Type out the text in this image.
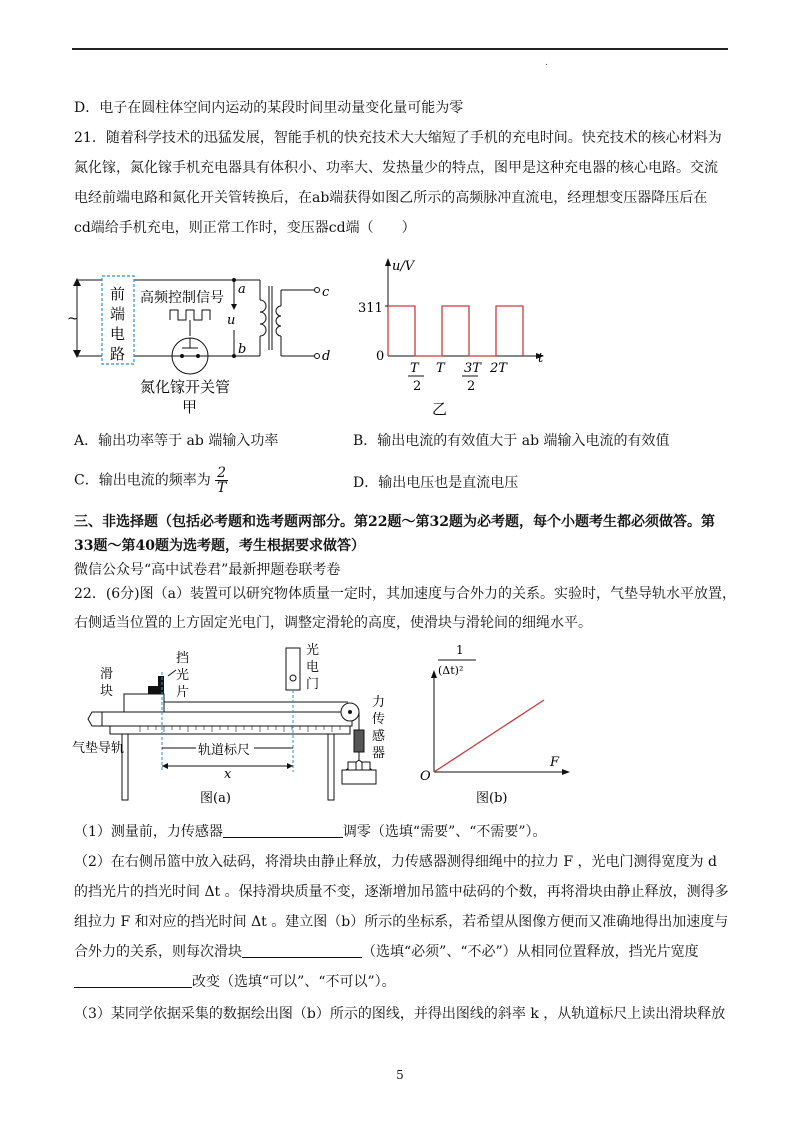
.
D．电子在圆柱体空间内运动的某段时间里动量变化量可能为零
21．随着科学技术的迅猛发展，智能手机的快充技术大大缩短了手机的充电时间。快充技术的核心材料为
氮化镓，氮化镓手机充电器具有体积小、功率大、发热量少的特点，图甲是这种充电器的核心电路。交流
电经前端电路和氮化开关管转换后，在ab端获得如图乙所示的高频脉冲直流电，经理想变压器降压后在
cd端给手机充电，则正常工作时，变压器cd端（　　）
~
前
端
电
路
高频控制信号
a
b
u
c
d
氮化镓开关管
甲
u/V
t
311
0
T
2
T 3T
2
2T
乙
A．输出功率等于 ab 端输入功率	B．输出电流的有效值大于 ab 端输入电流的有效值
C．输出电流的频率为 $\frac{2}{T}$	D．输出电压也是直流电压
三、非选择题（包括必考题和选考题两部分。第22题～第32题为必考题，每个小题考生都必须做答。第
33题～第40题为选考题，考生根据要求做答）
微信公众号“高中试卷君”最新押题卷联考卷
22．(6分)图（a）装置可以研究物体质量一定时，其加速度与合外力的关系。实验时，气垫导轨水平放置，
右侧适当位置的上方固定光电门，调整定滑轮的高度，使滑块与滑轮间的细绳水平。
滑
块
挡
光
片
光
电
门
力
传
感
器
气垫导轨	轨道标尺
x
图(a)
1
(Δt)²
F
O
图(b)
（1）测量前，力传感器	调零（选填“需要”、“不需要”）。
（2）在右侧吊篮中放入砝码，将滑块由静止释放，力传感器测得细绳中的拉力 F ，光电门测得宽度为 d
的挡光片的挡光时间 Δt 。保持滑块质量不变，逐渐增加吊篮中砝码的个数，再将滑块由静止释放，测得多
组拉力 F 和对应的挡光时间 Δt 。建立图（b）所示的坐标系，若希望从图像方便而又准确地得出加速度与
合外力的关系，则每次滑块	（选填“必须”、“不必”）从相同位置释放，挡光片宽度
改变（选填“可以”、“不可以”）。
（3）某同学依据采集的数据绘出图（b）所示的图线，并得出图线的斜率 k ，从轨道标尺上读出滑块释放
5
